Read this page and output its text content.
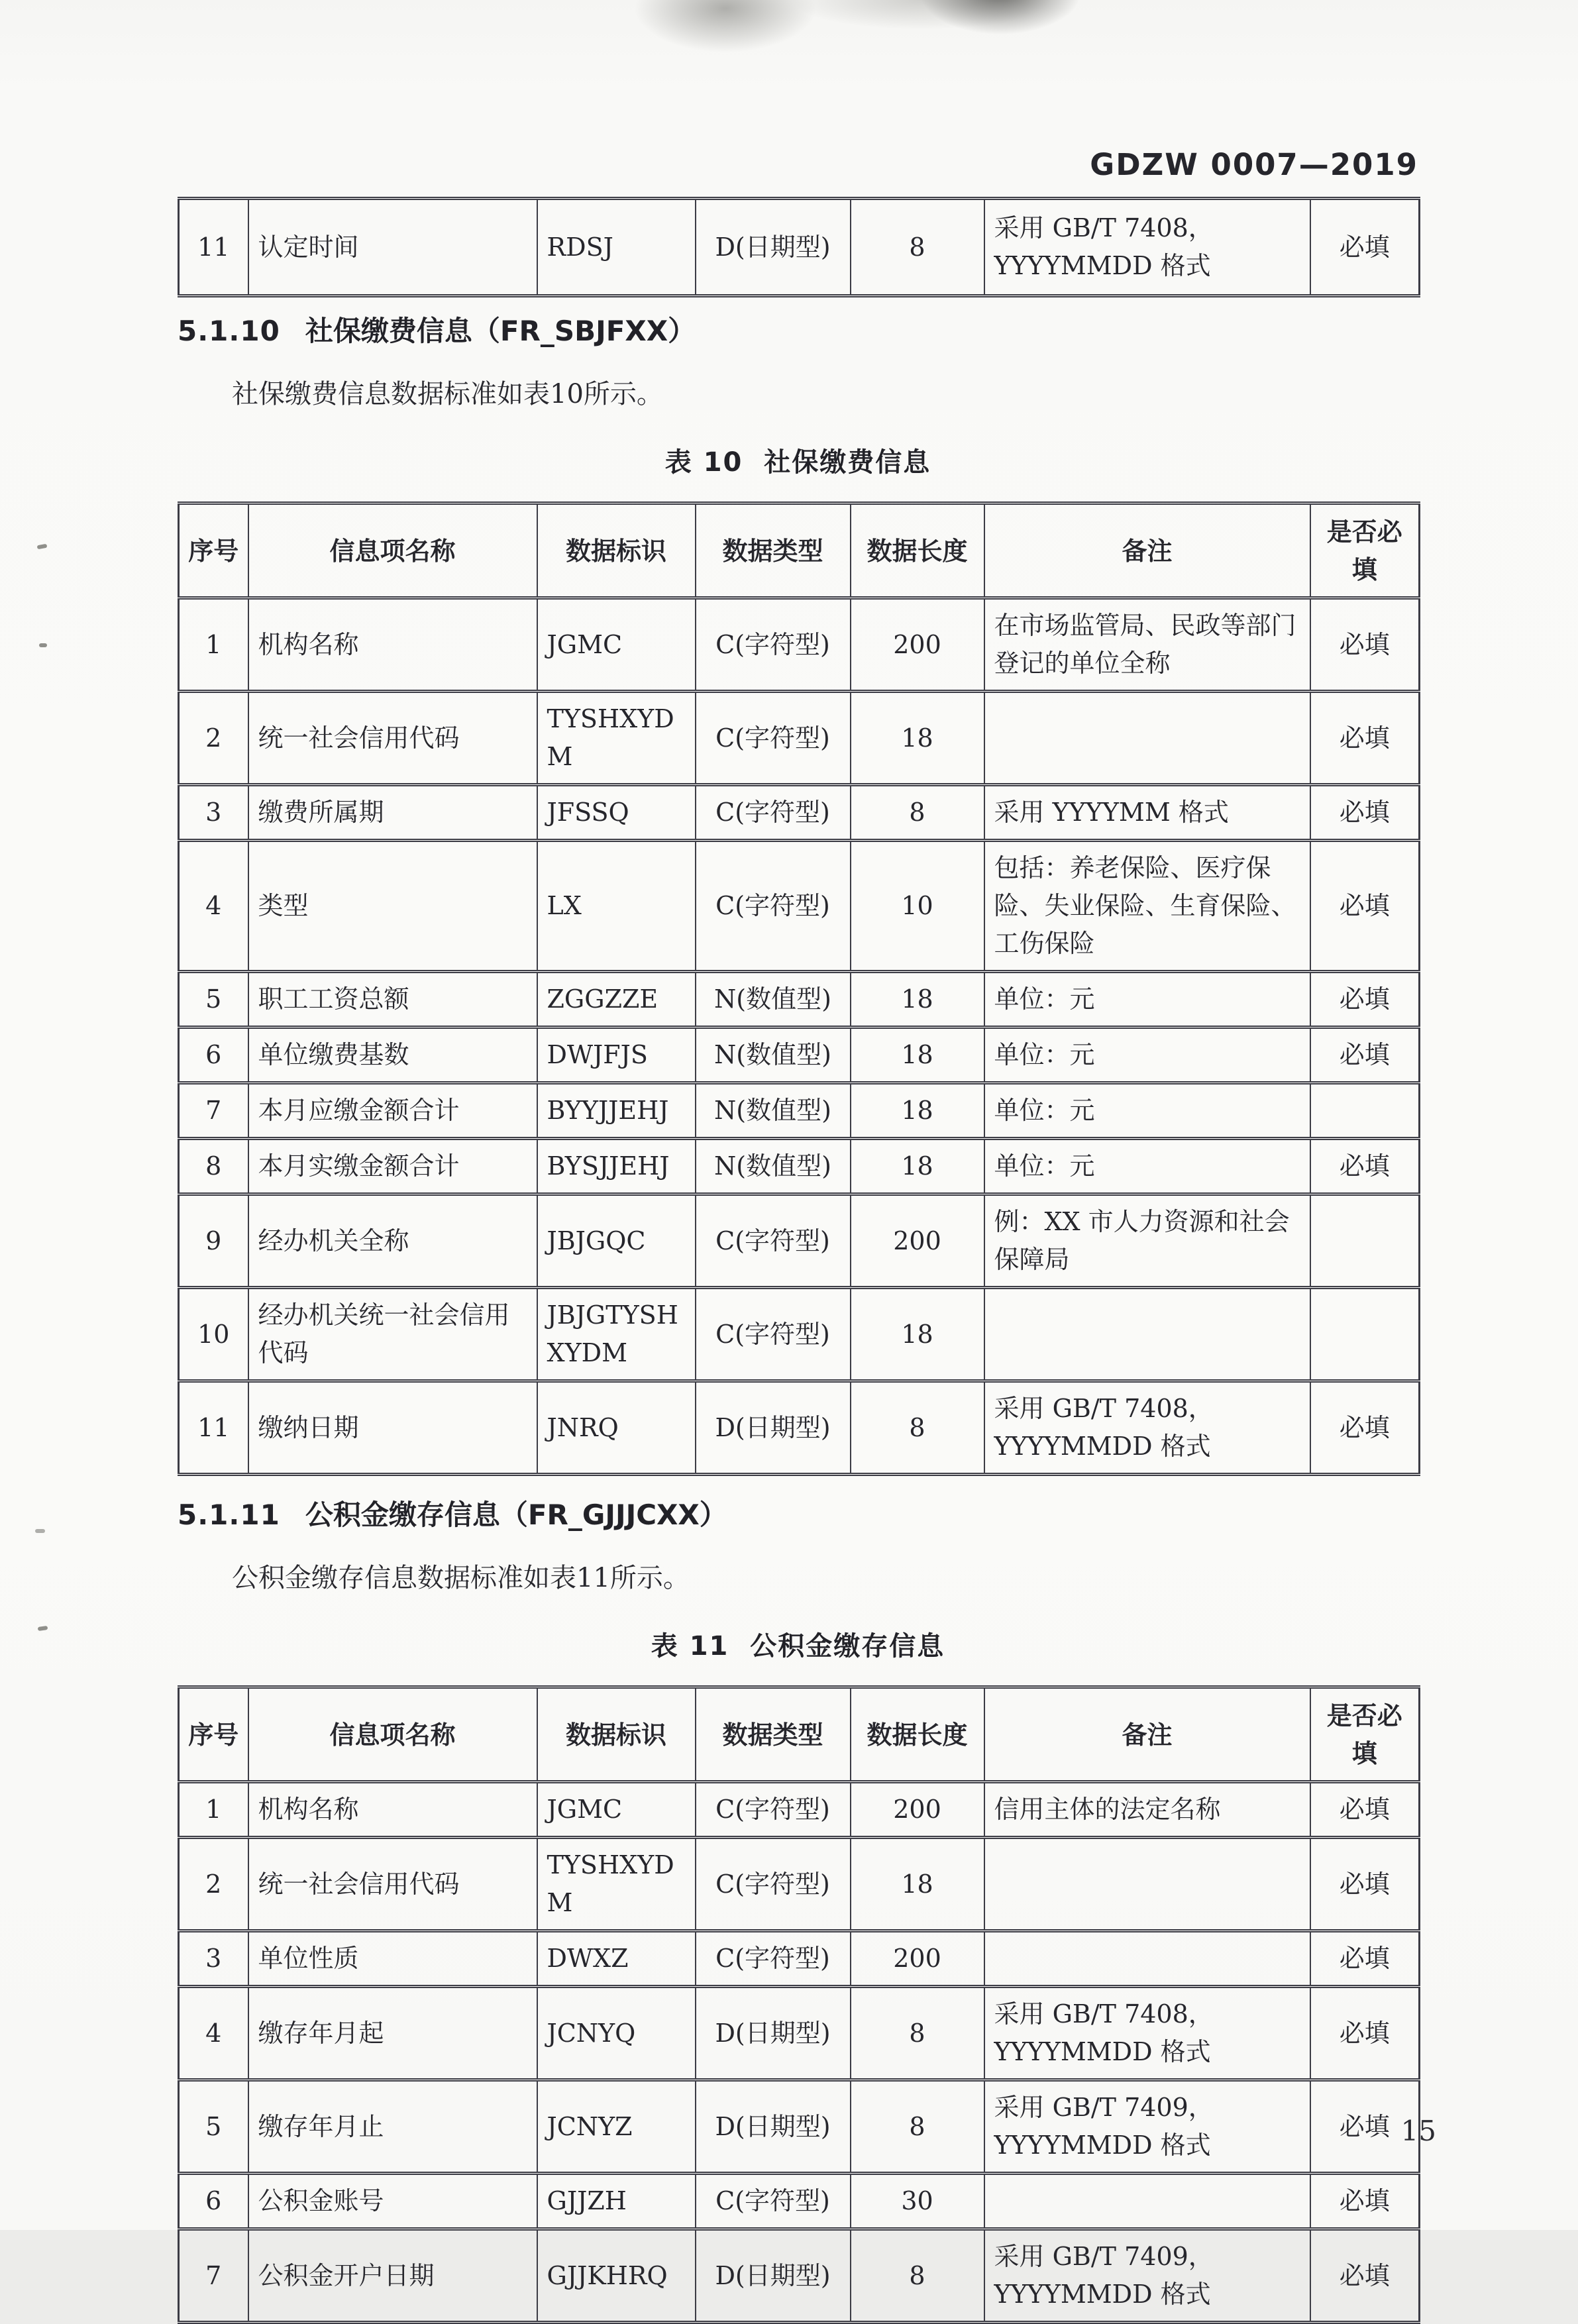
GDZW 0007—2019
11	认定时间	RDSJ	D(日期型)	8	采用 GB/T 7408，YYYYMMDD 格式	必填
5.1.10 社保缴费信息（FR_SBJFXX）

社保缴费信息数据标准如表10所示。

表 10  社保缴费信息
序号	信息项名称	数据标识	数据类型	数据长度	备注	是否必填
1	机构名称	JGMC	C(字符型)	200	在市场监管局、民政等部门登记的单位全称	必填
2	统一社会信用代码	TYSHXYDM	C(字符型)	18		必填
3	缴费所属期	JFSSQ	C(字符型)	8	采用 YYYYMM 格式	必填
4	类型	LX	C(字符型)	10	包括：养老保险、医疗保险、失业保险、生育保险、工伤保险	必填
5	职工工资总额	ZGGZZE	N(数值型)	18	单位：元	必填
6	单位缴费基数	DWJFJS	N(数值型)	18	单位：元	必填
7	本月应缴金额合计	BYYJJEHJ	N(数值型)	18	单位：元	
8	本月实缴金额合计	BYSJJEHJ	N(数值型)	18	单位：元	必填
9	经办机关全称	JBJGQC	C(字符型)	200	例：XX 市人力资源和社会保障局	
10	经办机关统一社会信用代码	JBJGTYSHXYDM	C(字符型)	18		
11	缴纳日期	JNRQ	D(日期型)	8	采用 GB/T 7408，YYYYMMDD 格式	必填
5.1.11 公积金缴存信息（FR_GJJJCXX）

公积金缴存信息数据标准如表11所示。

表 11  公积金缴存信息
序号	信息项名称	数据标识	数据类型	数据长度	备注	是否必填
1	机构名称	JGMC	C(字符型)	200	信用主体的法定名称	必填
2	统一社会信用代码	TYSHXYDM	C(字符型)	18		必填
3	单位性质	DWXZ	C(字符型)	200		必填
4	缴存年月起	JCNYQ	D(日期型)	8	采用 GB/T 7408，YYYYMMDD 格式	必填
5	缴存年月止	JCNYZ	D(日期型)	8	采用 GB/T 7409，YYYYMMDD 格式	必填
6	公积金账号	GJJZH	C(字符型)	30		必填
7	公积金开户日期	GJJKHRQ	D(日期型)	8	采用 GB/T 7409，YYYYMMDD 格式	必填
15
